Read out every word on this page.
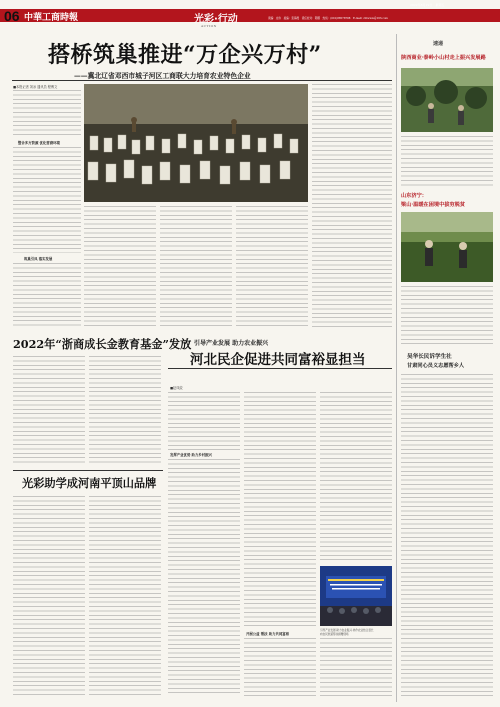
06 中華工商時報	光彩·行动
ACTION
2022年8月19日　星期五
责编：庄伟　美编：张海晨　责任校对：陈娜　热线：(010)88578788　E-mail: cbtwww@163.com
搭桥筑巢推进“万企兴万村”
——冀北辽省邓西市城子河区工商联大力培育农业特色企业
■本报记者 刘冰 通讯员 程博文
整合多方资源 优化营商环境
筑巢引凤 落实发展
2022年“浙商成长金教育基金”发放
光彩助学成河南平顶山品牌
引导产业发展 助力农业振兴
河北民企促进共同富裕显担当
■赵凤姣
发挥产业优势 助力乡村振兴
开展公益 帮扶 助力共同富裕
引导产业发展·助力农业振兴·协作农业结合县长
向农民致富帮扶捐赠现场
速递
陕西商业·泰岭小山村走上振兴发展路
山东济宁：
梁山·温暖在困境中拔穷脱贫
吴华长民诉学生社
甘肃同心员义志愿帮乡人
